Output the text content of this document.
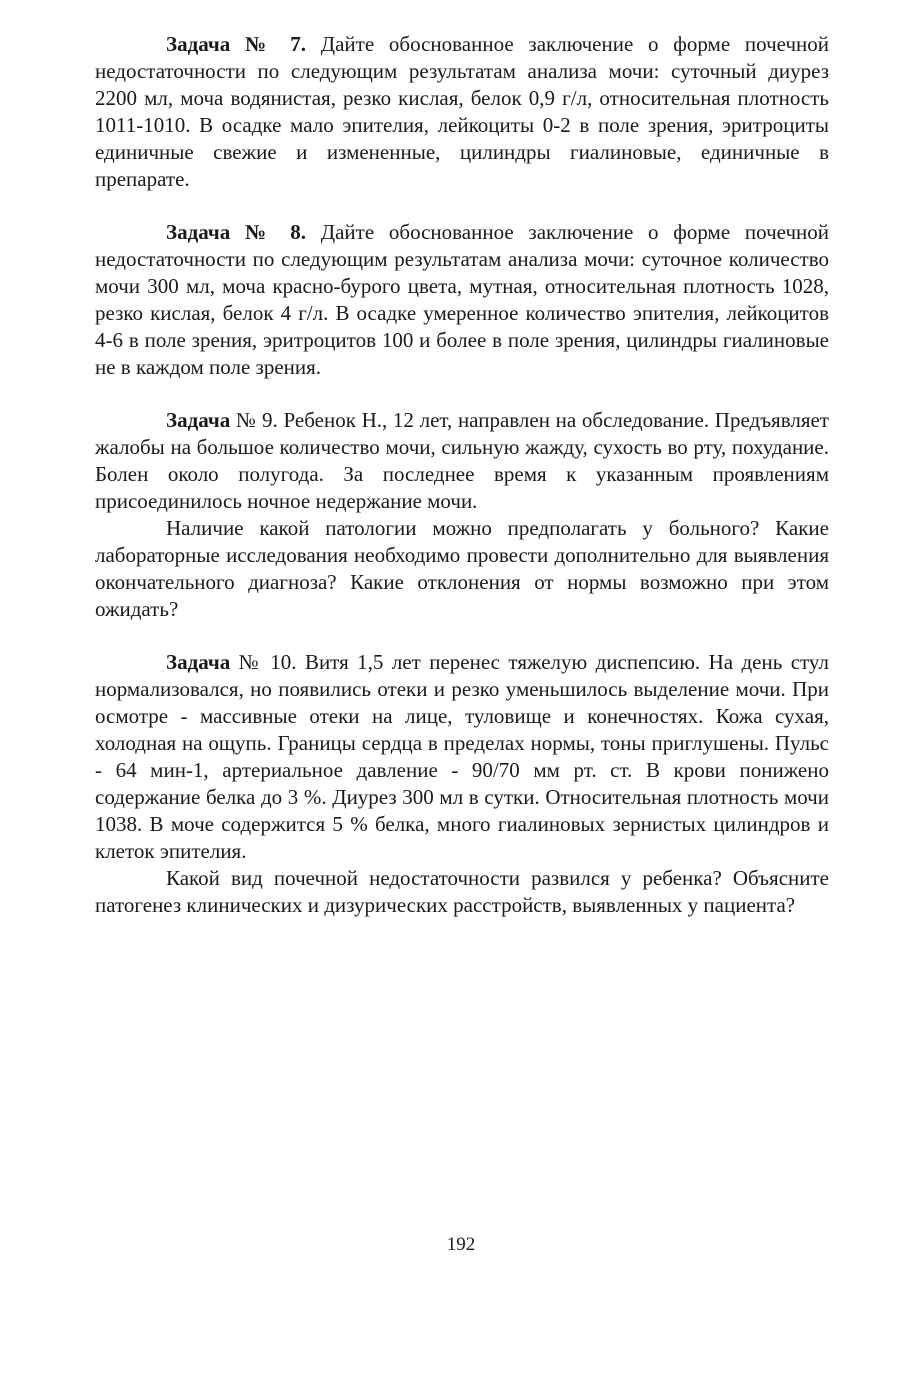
Задача № 7. Дайте обоснованное заключение о форме почечной недостаточности по следующим результатам анализа мочи: суточный диурез 2200 мл, моча водянистая, резко кислая, белок 0,9 г/л, относительная плотность 1011-1010. В осадке мало эпителия, лейкоциты 0-2 в поле зрения, эритроциты единичные свежие и измененные, цилиндры гиалиновые, единичные в препарате.

Задача № 8. Дайте обоснованное заключение о форме почечной недостаточности по следующим результатам анализа мочи: суточное количество мочи 300 мл, моча красно-бурого цвета, мутная, относительная плотность 1028, резко кислая, белок 4 г/л. В осадке умеренное количество эпителия, лейкоцитов 4-6 в поле зрения, эритроцитов 100 и более в поле зрения, цилиндры гиалиновые не в каждом поле зрения.

Задача № 9. Ребенок Н., 12 лет, направлен на обследование. Предъявляет жалобы на большое количество мочи, сильную жажду, сухость во рту, похудание. Болен около полугода. За последнее время к указанным проявлениям присоединилось ночное недержание мочи.

Наличие какой патологии можно предполагать у больного? Какие лабораторные исследования необходимо провести дополнительно для выявления окончательного диагноза? Какие отклонения от нормы возможно при этом ожидать?

Задача № 10. Витя 1,5 лет перенес тяжелую диспепсию. На день стул нормализовался, но появились отеки и резко уменьшилось выделение мочи. При осмотре - массивные отеки на лице, туловище и конечностях. Кожа сухая, холодная на ощупь. Границы сердца в пределах нормы, тоны приглушены. Пульс - 64 мин-1, артериальное давление - 90/70 мм рт. ст. В крови понижено содержание белка до 3 %. Диурез 300 мл в сутки. Относительная плотность мочи 1038. В моче содержится 5 % белка, много гиалиновых зернистых цилиндров и клеток эпителия.

Какой вид почечной недостаточности развился у ребенка? Объясните патогенез клинических и дизурических расстройств, выявленных у пациента?

192
